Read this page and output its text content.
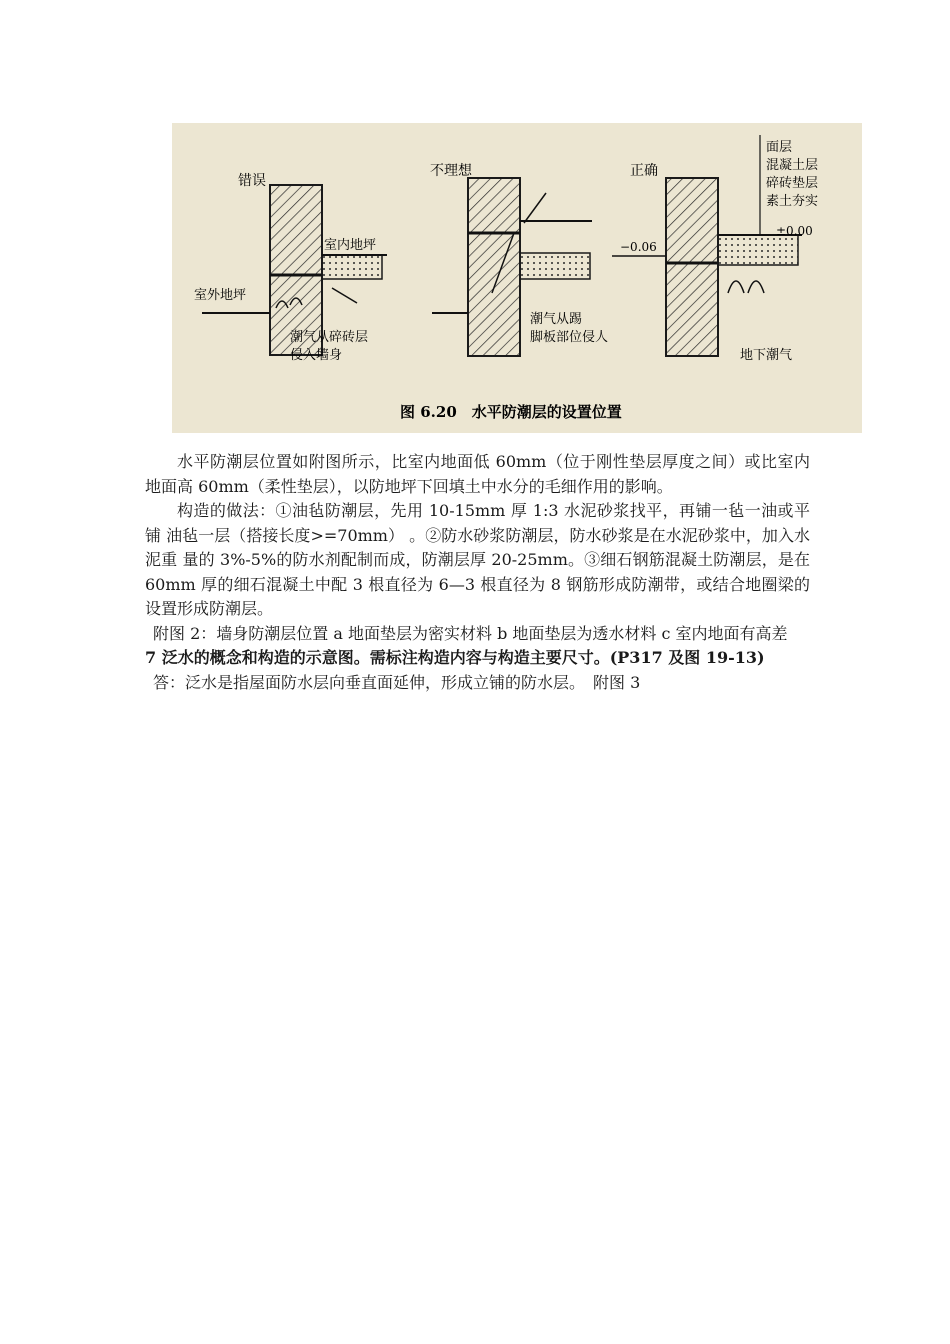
错误
不理想	正确
室内地坪
室外地坪
潮气从碎砖层
侵入墙身
潮气从踢
脚板部位侵人
−0.06
±0.00
地下潮气
面层
混凝土层
碎砖垫层
素土夯实
图 6.20　水平防潮层的设置位置

水平防潮层位置如附图所示，比室内地面低 60mm（位于刚性垫层厚度之间）或比室内 地面高 60mm（柔性垫层），以防地坪下回填土中水分的毛细作用的影响。

构造的做法：①油毡防潮层，先用 10-15mm 厚 1:3 水泥砂浆找平，再铺一毡一油或平铺 油毡一层（搭接长度>=70mm） 。②防水砂浆防潮层，防水砂浆是在水泥砂浆中，加入水泥重 量的 3%-5%的防水剂配制而成，防潮层厚 20-25mm。③细石钢筋混凝土防潮层，是在 60mm 厚的细石混凝土中配 3 根直径为 6—3 根直径为 8 钢筋形成防潮带，或结合地圈梁的设置形成防潮层。

附图 2：墙身防潮层位置 a 地面垫层为密实材料 b 地面垫层为透水材料 c 室内地面有高差

7 泛水的概念和构造的示意图。需标注构造内容与构造主要尺寸。(P317 及图 19-13)

答：泛水是指屋面防水层向垂直面延伸，形成立铺的防水层。　附图 3
